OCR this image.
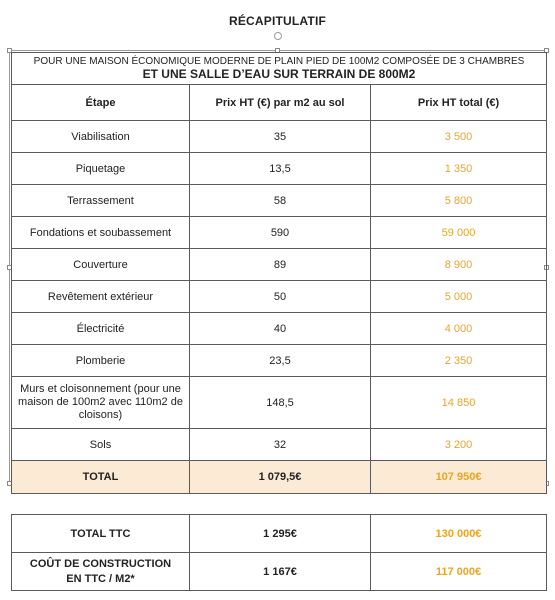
RÉCAPITULATIF
POUR UNE MAISON ÉCONOMIQUE MODERNE DE PLAIN PIED DE 100M2 COMPOSÉE DE 3 CHAMBRES		
ET UNE SALLE D’EAU SUR TERRAIN DE 800M2		
Étape	Prix HT (€) par m2 au sol	Prix HT total (€)
Viabilisation	35	3 500
Piquetage	13,5	1 350
Terrassement	58	5 800
Fondations et soubassement	590	59 000
Couverture	89	8 900
Revêtement extérieur	50	5 000
Électricité	40	4 000
Plomberie	23,5	2 350
Murs et cloisonnement (pour une maison de 100m2 avec 110m2 de cloisons)	148,5	14 850
Sols	32	3 200
TOTAL	1 079,5€	107 950€
TOTAL TTC	1 295€	130 000€
COÛT DE CONSTRUCTION EN TTC / M2*	1 167€	117 000€
